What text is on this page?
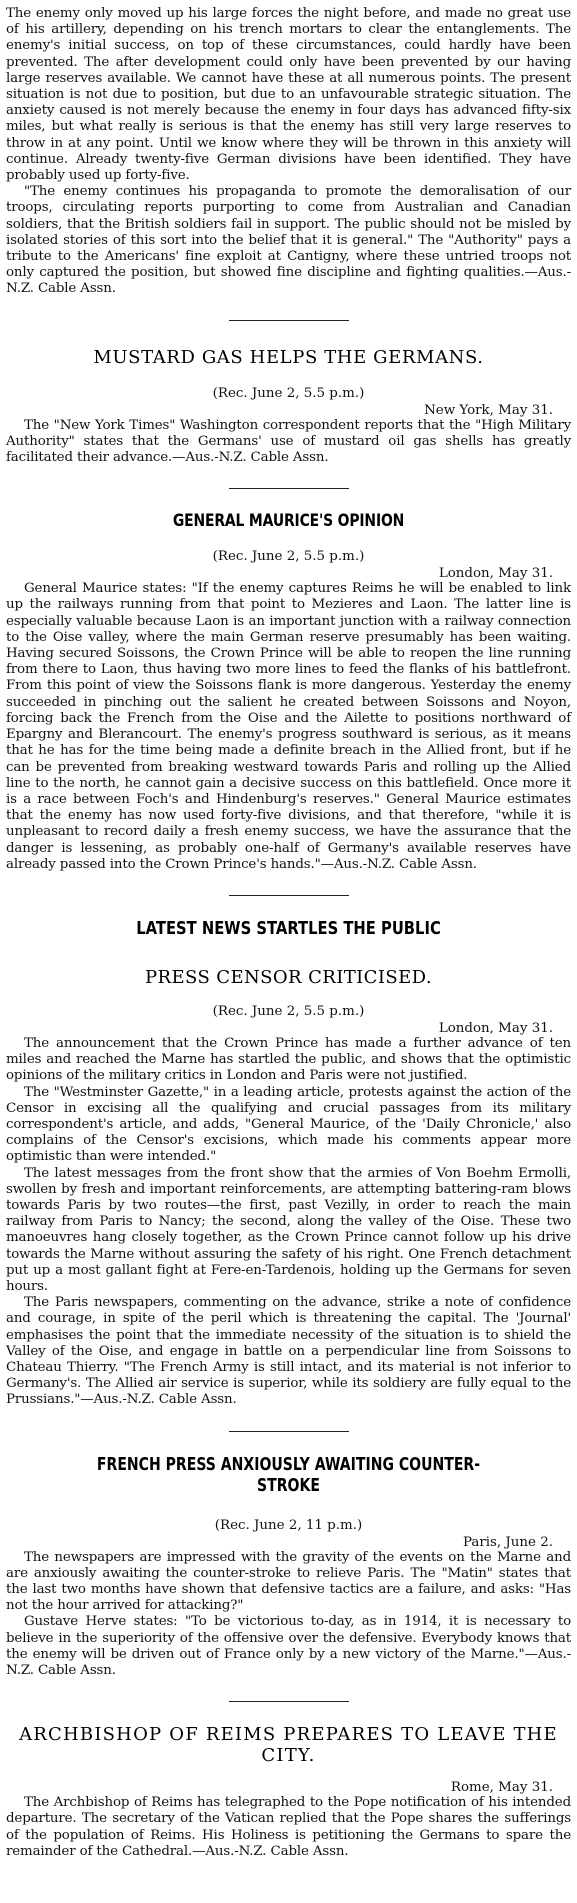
The enemy only moved up his large forces the night before, and made no great use of his artillery, depending on his trench mortars to clear the entanglements. The enemy's initial success, on top of these circumstances, could hardly have been prevented. The after development could only have been prevented by our having large reserves available. We cannot have these at all numerous points. The present situation is not due to position, but due to an unfavourable strategic situation. The anxiety caused is not merely because the enemy in four days has advanced fifty-six miles, but what really is serious is that the enemy has still very large reserves to throw in at any point. Until we know where they will be thrown in this anxiety will continue. Already twenty-five German divisions have been identified. They have probably used up forty-five.

"The enemy continues his propaganda to promote the demoralisation of our troops, circulating reports purporting to come from Australian and Canadian soldiers, that the British soldiers fail in support. The public should not be misled by isolated stories of this sort into the belief that it is general." The "Authority" pays a tribute to the Americans' fine exploit at Cantigny, where these untried troops not only captured the position, but showed fine discipline and fighting qualities.—Aus.-N.Z. Cable Assn.

MUSTARD GAS HELPS THE GERMANS.
(Rec. June 2, 5.5 p.m.)
New York, May 31.

The "New York Times" Washington correspondent reports that the "High Military Authority" states that the Germans' use of mustard oil gas shells has greatly facilitated their advance.—Aus.-N.Z. Cable Assn.

GENERAL MAURICE'S OPINION
(Rec. June 2, 5.5 p.m.)
London, May 31.

General Maurice states: "If the enemy captures Reims he will be enabled to link up the railways running from that point to Mezieres and Laon. The latter line is especially valuable because Laon is an important junction with a railway connection to the Oise valley, where the main German reserve presumably has been waiting. Having secured Soissons, the Crown Prince will be able to reopen the line running from there to Laon, thus having two more lines to feed the flanks of his battlefront. From this point of view the Soissons flank is more dangerous. Yesterday the enemy succeeded in pinching out the salient he created between Soissons and Noyon, forcing back the French from the Oise and the Ailette to positions northward of Epargny and Blerancourt. The enemy's progress southward is serious, as it means that he has for the time being made a definite breach in the Allied front, but if he can be prevented from breaking westward towards Paris and rolling up the Allied line to the north, he cannot gain a decisive success on this battlefield. Once more it is a race between Foch's and Hindenburg's reserves." General Maurice estimates that the enemy has now used forty-five divisions, and that therefore, "while it is unpleasant to record daily a fresh enemy success, we have the assurance that the danger is lessening, as probably one-half of Germany's available reserves have already passed into the Crown Prince's hands."—Aus.-N.Z. Cable Assn.

LATEST NEWS STARTLES THE PUBLIC
PRESS CENSOR CRITICISED.
(Rec. June 2, 5.5 p.m.)
London, May 31.

The announcement that the Crown Prince has made a further advance of ten miles and reached the Marne has startled the public, and shows that the optimistic opinions of the military critics in London and Paris were not justified.

The "Westminster Gazette," in a leading article, protests against the action of the Censor in excising all the qualifying and crucial passages from its military correspondent's article, and adds, "General Maurice, of the 'Daily Chronicle,' also complains of the Censor's excisions, which made his comments appear more optimistic than were intended."

The latest messages from the front show that the armies of Von Boehm Ermolli, swollen by fresh and important reinforcements, are attempting battering-ram blows towards Paris by two routes—the first, past Vezilly, in order to reach the main railway from Paris to Nancy; the second, along the valley of the Oise. These two manoeuvres hang closely together, as the Crown Prince cannot follow up his drive towards the Marne without assuring the safety of his right. One French detachment put up a most gallant fight at Fere-en-Tardenois, holding up the Germans for seven hours.

The Paris newspapers, commenting on the advance, strike a note of confidence and courage, in spite of the peril which is threatening the capital. The 'Journal' emphasises the point that the immediate necessity of the situation is to shield the Valley of the Oise, and engage in battle on a perpendicular line from Soissons to Chateau Thierry. "The French Army is still intact, and its material is not inferior to Germany's. The Allied air service is superior, while its soldiery are fully equal to the Prussians."—Aus.-N.Z. Cable Assn.

FRENCH PRESS ANXIOUSLY AWAITING COUNTER-STROKE
(Rec. June 2, 11 p.m.)
Paris, June 2.

The newspapers are impressed with the gravity of the events on the Marne and are anxiously awaiting the counter-stroke to relieve Paris. The "Matin" states that the last two months have shown that defensive tactics are a failure, and asks: "Has not the hour arrived for attacking?"

Gustave Herve states: "To be victorious to-day, as in 1914, it is necessary to believe in the superiority of the offensive over the defensive. Everybody knows that the enemy will be driven out of France only by a new victory of the Marne."—Aus.-N.Z. Cable Assn.

ARCHBISHOP OF REIMS PREPARES TO LEAVE THE CITY.
Rome, May 31.

The Archbishop of Reims has telegraphed to the Pope notification of his intended departure. The secretary of the Vatican replied that the Pope shares the sufferings of the population of Reims. His Holiness is petitioning the Germans to spare the remainder of the Cathedral.—Aus.-N.Z. Cable Assn.
